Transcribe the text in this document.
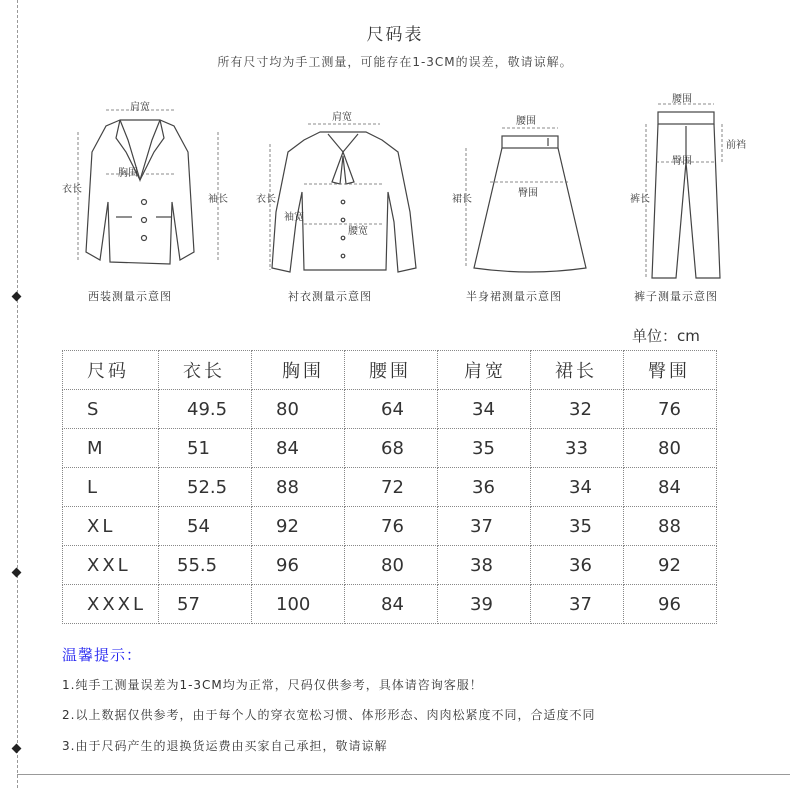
尺码表
所有尺寸均为手工测量，可能存在1-3CM的误差，敬请谅解。
肩宽
胸围
衣长
袖长
西装测量示意图
肩宽
衣长
袖宽
腰宽
衬衣测量示意图
腰围
臀围
裙长
半身裙测量示意图
腰围
前裆
臀围
裤长
裤子测量示意图
单位：cm
尺码	衣长	胸围	腰围	肩宽	裙长	臀围
S	49.5	80	64	34	32	76
M	51	84	68	35	33	80
L	52.5	88	72	36	34	84
XL	54	92	76	37	35	88
XXL	55.5	96	80	38	36	92
XXXL	57	100	84	39	37	96
温馨提示：
1.纯手工测量误差为1-3CM均为正常，尺码仅供参考，具体请咨询客服！
2.以上数据仅供参考，由于每个人的穿衣宽松习惯、体形形态、肉肉松紧度不同，合适度不同
3.由于尺码产生的退换货运费由买家自己承担，敬请谅解
